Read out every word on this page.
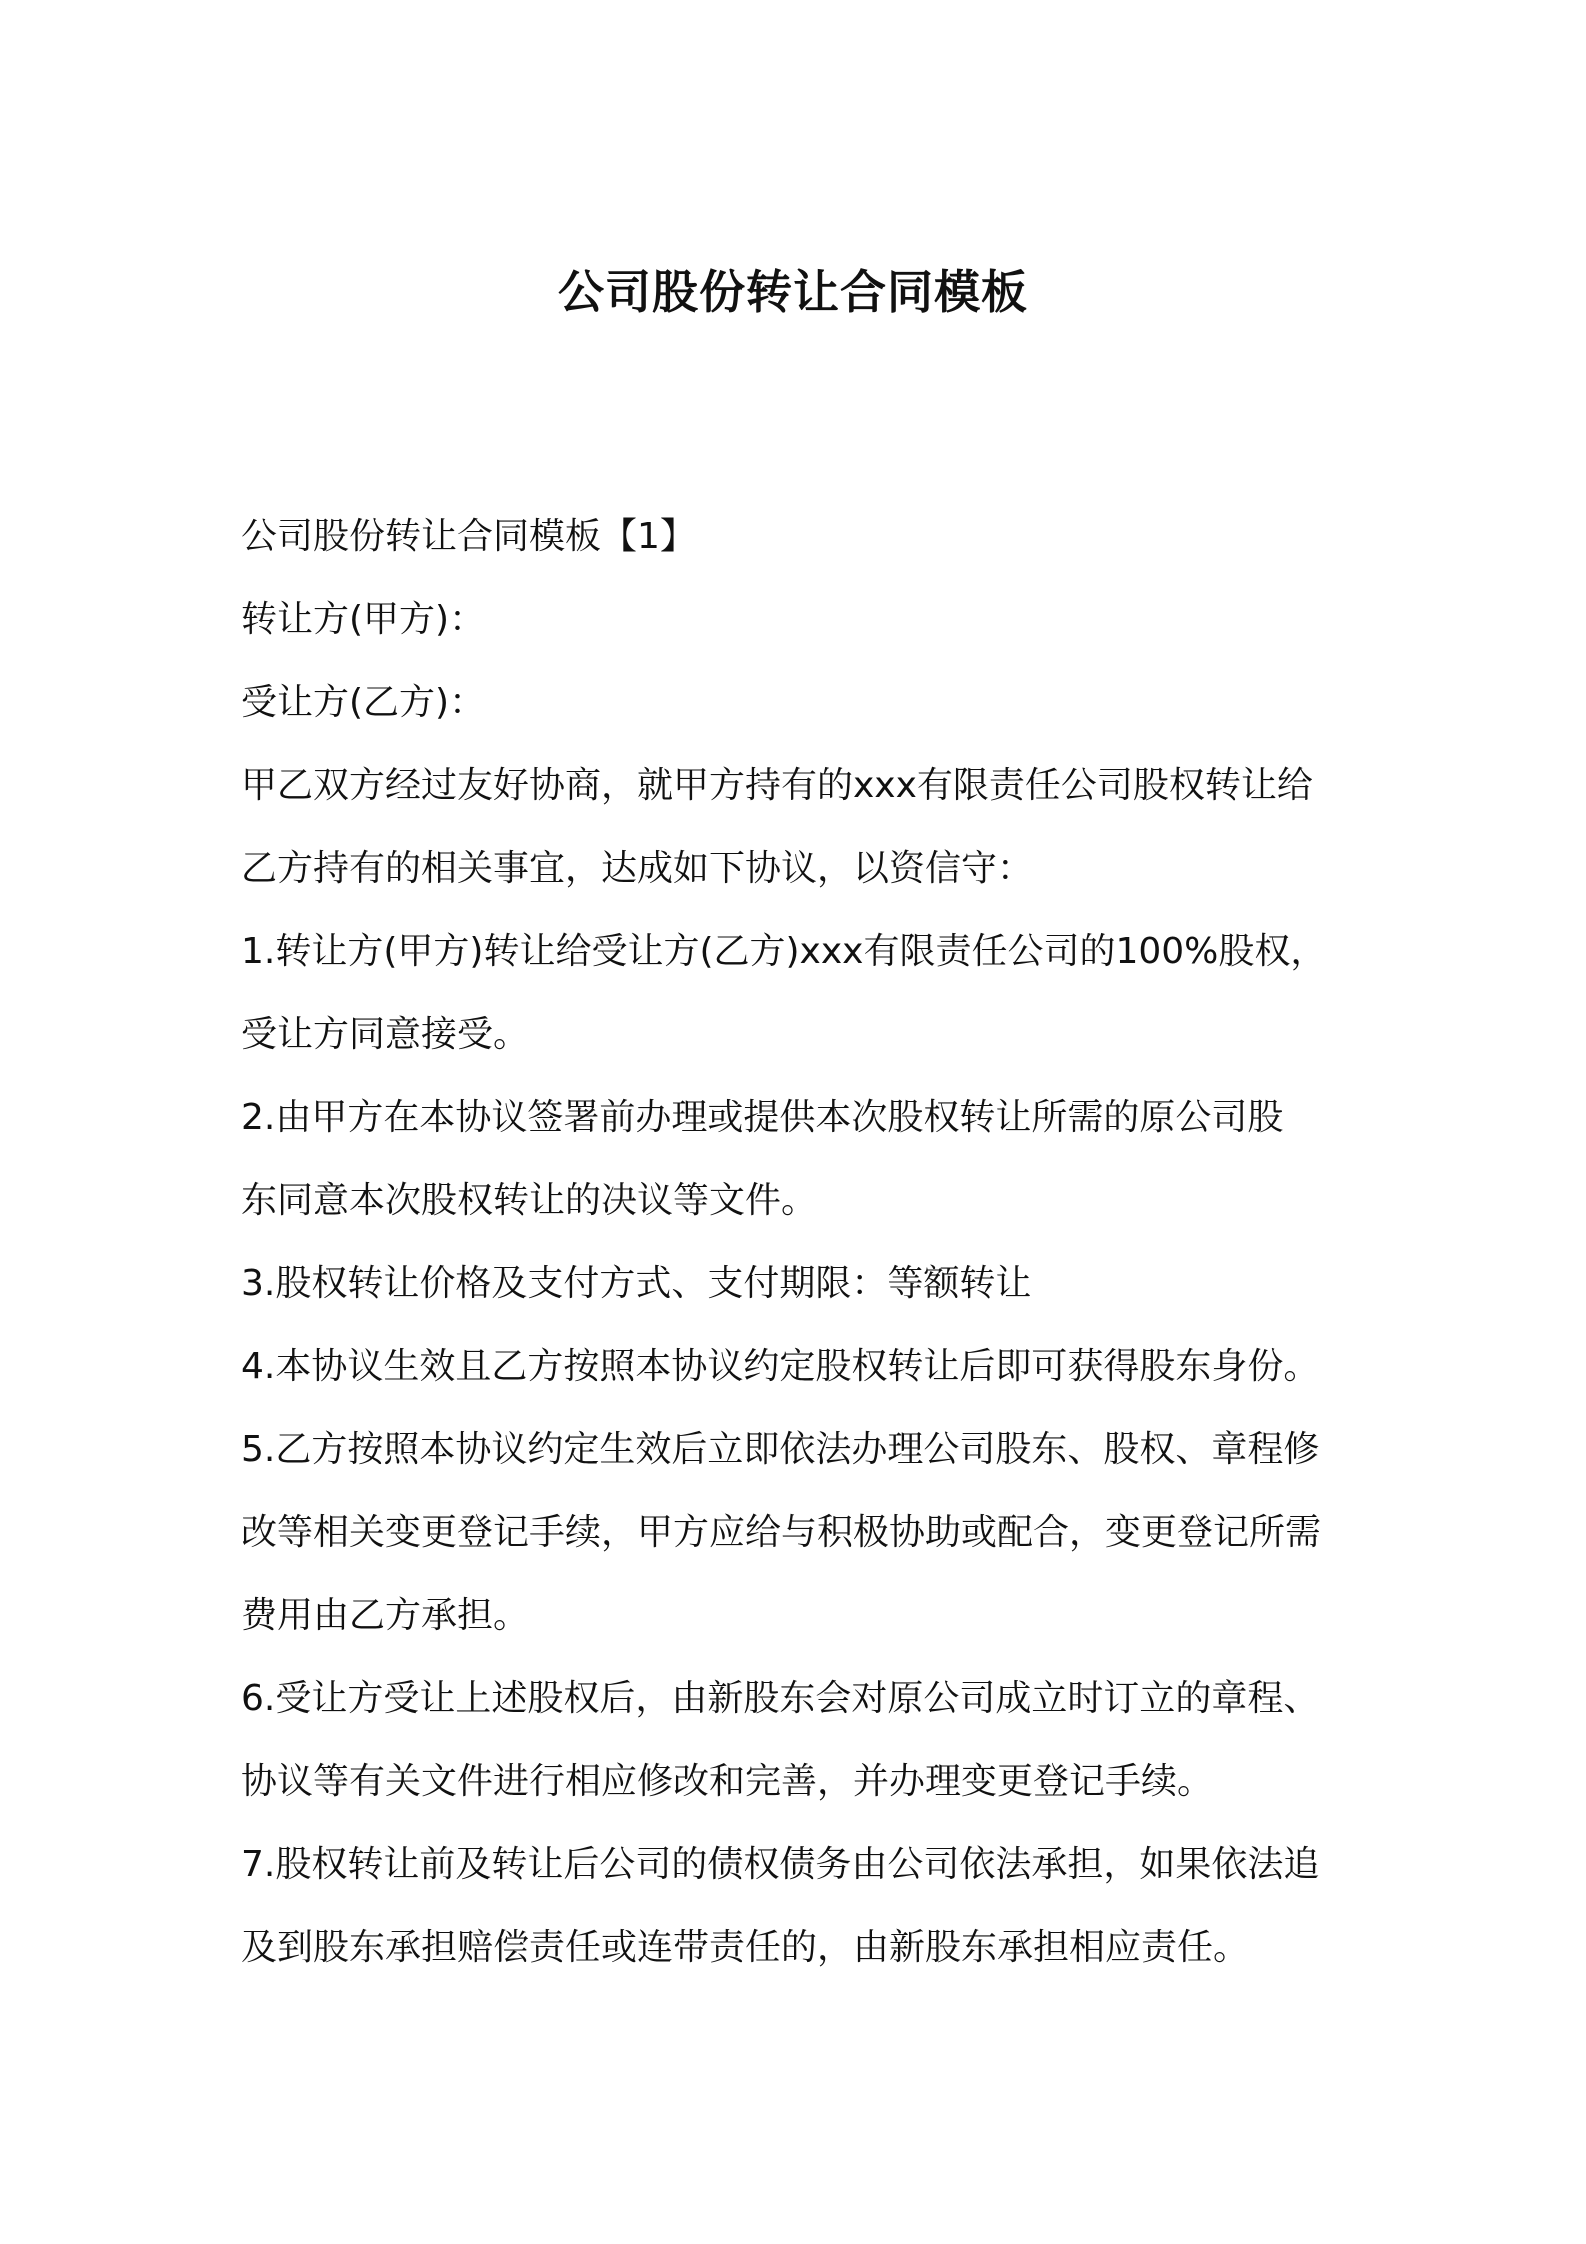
公司股份转让合同模板

公司股份转让合同模板【1】

转让方(甲方)：

受让方(乙方)：

甲乙双方经过友好协商，就甲方持有的xxx有限责任公司股权转让给

乙方持有的相关事宜，达成如下协议，以资信守：

1.转让方(甲方)转让给受让方(乙方)xxx有限责任公司的100%股权，

受让方同意接受。

2.由甲方在本协议签署前办理或提供本次股权转让所需的原公司股

东同意本次股权转让的决议等文件。

3.股权转让价格及支付方式、支付期限：等额转让

4.本协议生效且乙方按照本协议约定股权转让后即可获得股东身份。

5.乙方按照本协议约定生效后立即依法办理公司股东、股权、章程修

改等相关变更登记手续，甲方应给与积极协助或配合，变更登记所需

费用由乙方承担。

6.受让方受让上述股权后，由新股东会对原公司成立时订立的章程、

协议等有关文件进行相应修改和完善，并办理变更登记手续。

7.股权转让前及转让后公司的债权债务由公司依法承担，如果依法追

及到股东承担赔偿责任或连带责任的，由新股东承担相应责任。
